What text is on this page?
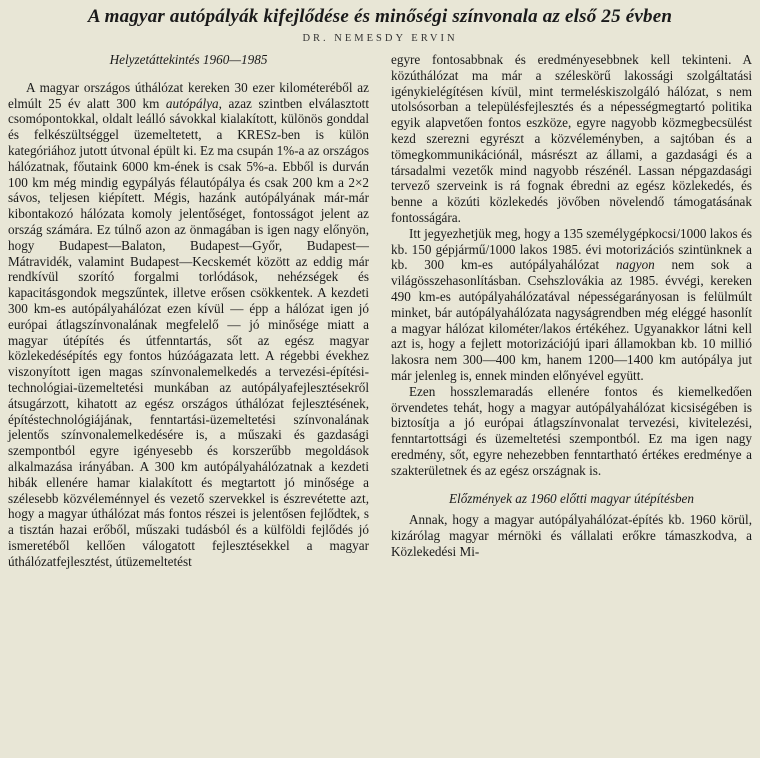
A magyar autópályák kifejlődése és minőségi színvonala az első 25 évben
DR. NEMESDY ERVIN
Helyzetáttekintés 1960—1985

A magyar országos úthálózat kereken 30 ezer kilométeréből az elmúlt 25 év alatt 300 km autópálya, azaz szintben elválasztott csomópontokkal, oldalt leálló sávokkal kialakított, különös gonddal és felkészültséggel üzemeltetett, a KRESz-ben is külön kategóriához jutott útvonal épült ki. Ez ma csupán 1%-a az országos hálózatnak, főutaink 6000 km-ének is csak 5%-a. Ebből is durván 100 km még mindig egypályás félautópálya és csak 200 km a 2×2 sávos, teljesen kiépített. Mégis, hazánk autópályának már-már kibontakozó hálózata komoly jelentőséget, fontosságot jelent az ország számára. Ez túlnő azon az önmagában is igen nagy előnyön, hogy Budapest—Balaton, Budapest—Győr, Budapest—Mátravidék, valamint Budapest—Kecskemét között az eddig már rendkívül szorító forgalmi torlódások, nehézségek és kapacitásgondok megszűntek, illetve erősen csökkentek. A kezdeti 300 km-es autópályahálózat ezen kívül — épp a hálózat igen jó európai átlagszínvonalának megfelelő — jó minősége miatt a magyar útépítés és útfenntartás, sőt az egész magyar közlekedésépítés egy fontos húzóágazata lett. A régebbi évekhez viszonyított igen magas színvonalemelkedés a tervezési-építési-technológiai-üzemeltetési munkában az autópályafejlesztésekről átsugárzott, kihatott az egész országos úthálózat fejlesztésének, építéstechnológiájának, fenntartási-üzemeltetési színvonalának jelentős színvonalemelkedésére is, a műszaki és gazdasági szempontból egyre igényesebb és korszerűbb megoldások alkalmazása irányában. A 300 km autópályahálózatnak a kezdeti hibák ellenére hamar kialakított és megtartott jó minősége a szélesebb közvéleménnyel és vezető szervekkel is észrevétette azt, hogy a magyar úthálózat más fontos részei is jelentősen fejlődtek, s a tisztán hazai erőből, műszaki tudásból és a külföldi fejlődés jó ismeretéből kellően válogatott fejlesztésekkel a magyar úthálózatfejlesztést, útüzemeltetést

egyre fontosabbnak és eredményesebbnek kell tekinteni. A közúthálózat ma már a széleskörű lakossági szolgáltatási igénykielégítésen kívül, mint termeléskiszolgáló hálózat, s nem utolsósorban a településfejlesztés és a népességmegtartó politika egyik alapvetően fontos eszköze, egyre nagyobb közmegbecsülést kezd szerezni egyrészt a közvéleményben, a sajtóban és a tömegkommunikációnál, másrészt az állami, a gazdasági és a társadalmi vezetők mind nagyobb részénél. Lassan népgazdasági tervező szerveink is rá fognak ébredni az egész közlekedés, és benne a közúti közlekedés jövőben növelendő támogatásának fontosságára.

Itt jegyezhetjük meg, hogy a 135 személygépkocsi/1000 lakos és kb. 150 gépjármű/1000 lakos 1985. évi motorizációs szintünknek a kb. 300 km-es autópályahálózat nagyon nem sok a világösszehasonlításban. Csehszlovákia az 1985. évvégi, kereken 490 km-es autópályahálózatával népességarányosan is felülmúlt minket, bár autópályahálózata nagyságrendben még eléggé hasonlít a magyar hálózat kilométer/lakos értékéhez. Ugyanakkor látni kell azt is, hogy a fejlett motorizációjú ipari államokban kb. 10 millió lakosra nem 300—400 km, hanem 1200—1400 km autópálya jut már jelenleg is, ennek minden előnyével együtt.

Ezen hosszlemaradás ellenére fontos és kiemelkedően örvendetes tehát, hogy a magyar autópályahálózat kicsiségében is biztosítja a jó európai átlagszínvonalat tervezési, kivitelezési, fenntartottsági és üzemeltetési szempontból. Ez ma igen nagy eredmény, sőt, egyre nehezebben fenntartható értékes eredménye a szakterületnek és az egész országnak is.

Előzmények az 1960 előtti magyar útépítésben

Annak, hogy a magyar autópályahálózat-építés kb. 1960 körül, kizárólag magyar mérnöki és vállalati erőkre támaszkodva, a Közlekedési Mi-
